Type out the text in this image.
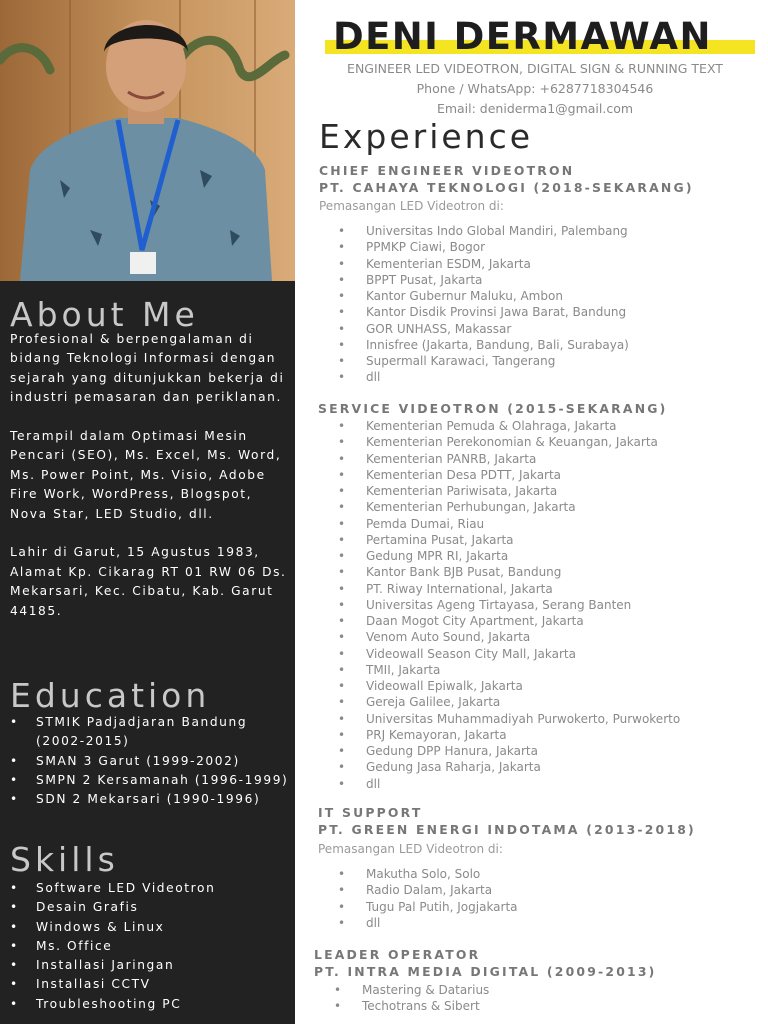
About Me

Profesional & berpengalaman di bidang Teknologi Informasi dengan sejarah yang ditunjukkan bekerja di industri pemasaran dan periklanan.

Terampil dalam Optimasi Mesin Pencari (SEO), Ms. Excel, Ms. Word, Ms. Power Point, Ms. Visio, Adobe Fire Work, WordPress, Blogspot, Nova Star, LED Studio, dll.

Lahir di Garut, 15 Agustus 1983, Alamat Kp. Cikarag RT 01 RW 06 Ds. Mekarsari, Kec. Cibatu, Kab. Garut 44185.

Education
• STMIK Padjadjaran Bandung (2002-2015)
• SMAN 3 Garut (1999-2002)
• SMPN 2 Kersamanah (1996-1999)
• SDN 2 Mekarsari (1990-1996)
Skills
• Software LED Videotron
• Desain Grafis
• Windows & Linux
• Ms. Office
• Installasi Jaringan
• Installasi CCTV
• Troubleshooting PC
DENI DERMAWAN
ENGINEER LED VIDEOTRON, DIGITAL SIGN & RUNNING TEXT
Phone / WhatsApp: +6287718304546
Email: deniderma1@gmail.com
Experience
CHIEF ENGINEER VIDEOTRON
PT. CAHAYA TEKNOLOGI (2018-SEKARANG)
Pemasangan LED Videotron di:
• Universitas Indo Global Mandiri, Palembang
• PPMKP Ciawi, Bogor
• Kementerian ESDM, Jakarta
• BPPT Pusat, Jakarta
• Kantor Gubernur Maluku, Ambon
• Kantor Disdik Provinsi Jawa Barat, Bandung
• GOR UNHASS, Makassar
• Innisfree (Jakarta, Bandung, Bali, Surabaya)
• Supermall Karawaci, Tangerang
• dll
SERVICE VIDEOTRON (2015-SEKARANG)
• Kementerian Pemuda & Olahraga, Jakarta
• Kementerian Perekonomian & Keuangan, Jakarta
• Kementerian PANRB, Jakarta
• Kementerian Desa PDTT, Jakarta
• Kementerian Pariwisata, Jakarta
• Kementerian Perhubungan, Jakarta
• Pemda Dumai, Riau
• Pertamina Pusat, Jakarta
• Gedung MPR RI, Jakarta
• Kantor Bank BJB Pusat, Bandung
• PT. Riway International, Jakarta
• Universitas Ageng Tirtayasa, Serang Banten
• Daan Mogot City Apartment, Jakarta
• Venom Auto Sound, Jakarta
• Videowall Season City Mall, Jakarta
• TMII, Jakarta
• Videowall Epiwalk, Jakarta
• Gereja Galilee, Jakarta
• Universitas Muhammadiyah Purwokerto, Purwokerto
• PRJ Kemayoran, Jakarta
• Gedung DPP Hanura, Jakarta
• Gedung Jasa Raharja, Jakarta
• dll
IT SUPPORT
PT. GREEN ENERGI INDOTAMA (2013-2018)
Pemasangan LED Videotron di:
• Makutha Solo, Solo
• Radio Dalam, Jakarta
• Tugu Pal Putih, Jogjakarta
• dll
LEADER OPERATOR
PT. INTRA MEDIA DIGITAL (2009-2013)
• Mastering & Datarius
• Techotrans & Sibert
